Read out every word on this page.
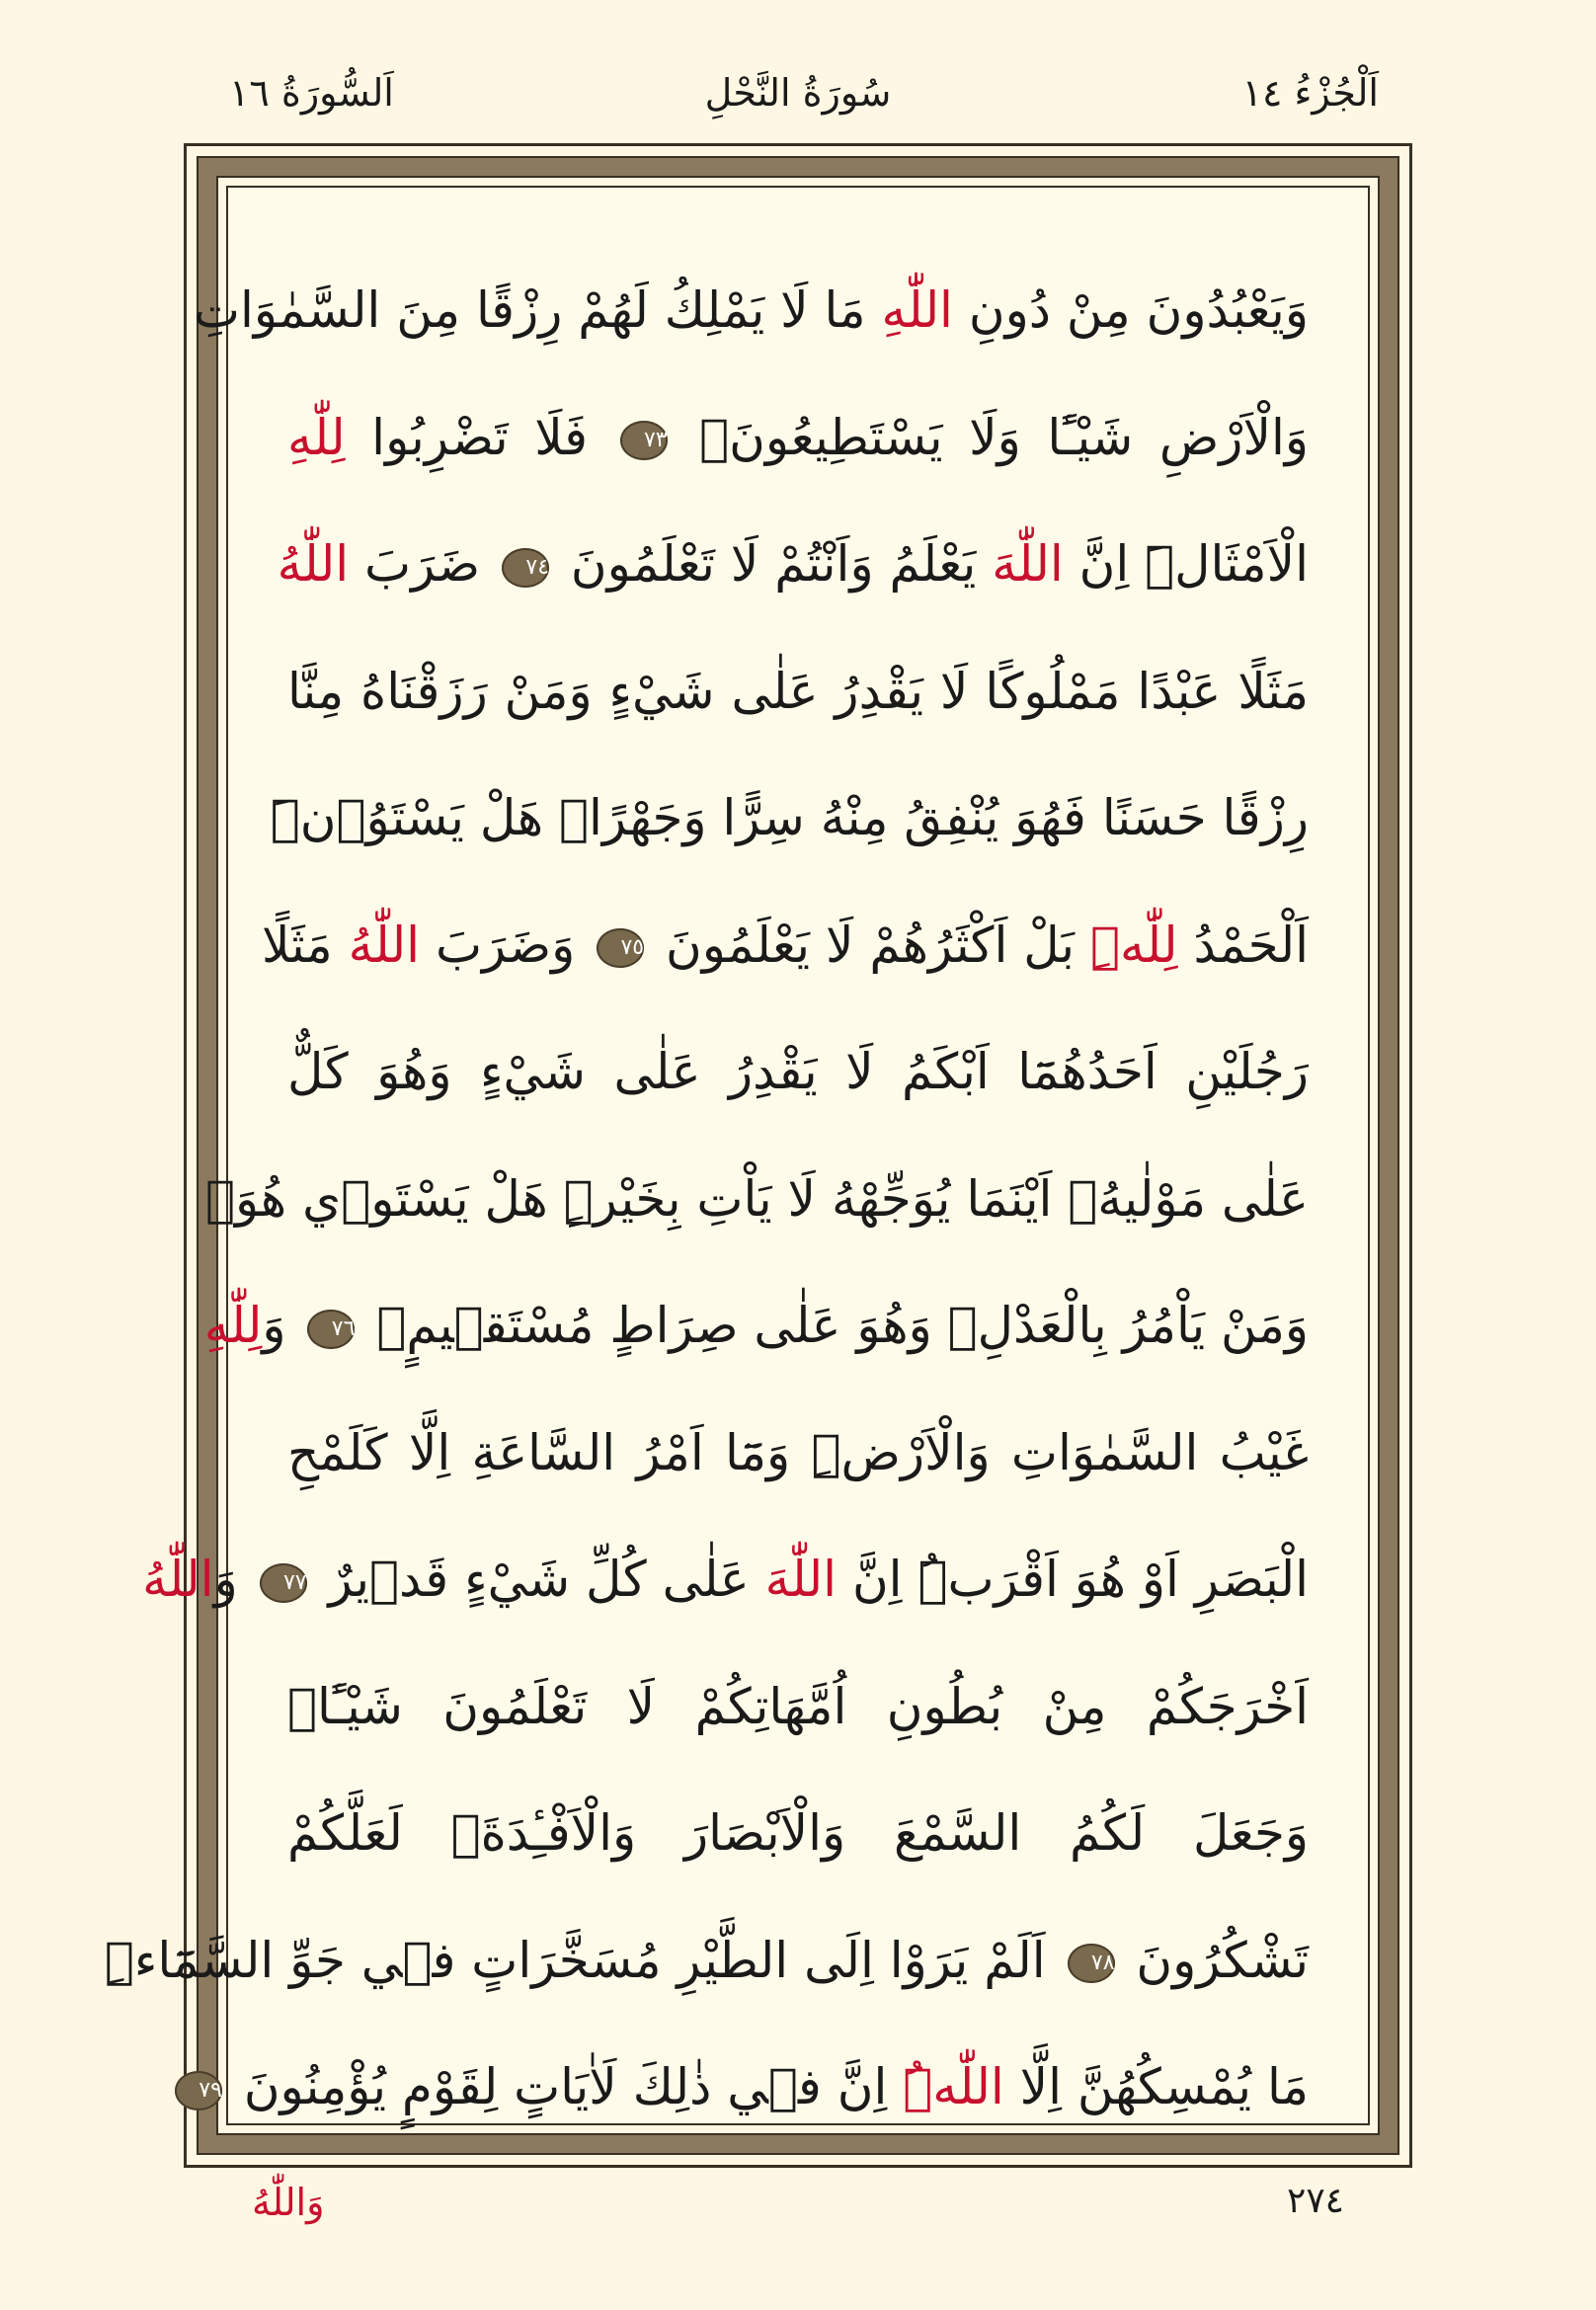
اَلْجُزْءُ ١٤
سُورَةُ النَّحْلِ
اَلسُّورَةُ ١٦
وَيَعْبُدُونَ مِنْ دُونِ اللّٰهِ مَا لَا يَمْلِكُ لَهُمْ رِزْقًا مِنَ السَّمٰوَاتِ
وَالْاَرْضِ شَيْـًٔا وَلَا يَسْتَطِيعُونَۚ ٧٣ فَلَا تَضْرِبُوا لِلّٰهِ
الْاَمْثَالَۜ اِنَّ اللّٰهَ يَعْلَمُ وَاَنْتُمْ لَا تَعْلَمُونَ ٧٤ ضَرَبَ اللّٰهُ
مَثَلًا عَبْدًا مَمْلُوكًا لَا يَقْدِرُ عَلٰى شَيْءٍ وَمَنْ رَزَقْنَاهُ مِنَّا
رِزْقًا حَسَنًا فَهُوَ يُنْفِقُ مِنْهُ سِرًّا وَجَهْرًاۜ هَلْ يَسْتَوُ۫نَۜ
اَلْحَمْدُ لِلّٰهِۜ بَلْ اَكْثَرُهُمْ لَا يَعْلَمُونَ ٧٥ وَضَرَبَ اللّٰهُ مَثَلًا
رَجُلَيْنِ اَحَدُهُمَٓا اَبْكَمُ لَا يَقْدِرُ عَلٰى شَيْءٍ وَهُوَ كَلٌّ
عَلٰى مَوْلٰيهُۙ اَيْنَمَا يُوَجِّهْهُ لَا يَاْتِ بِخَيْرٍۜ هَلْ يَسْتَو۪ي هُوَۙ
وَمَنْ يَاْمُرُ بِالْعَدْلِۙ وَهُوَ عَلٰى صِرَاطٍ مُسْتَق۪يمٍࣖ ٧٦ وَلِلّٰهِ
غَيْبُ السَّمٰوَاتِ وَالْاَرْضِۜ وَمَٓا اَمْرُ السَّاعَةِ اِلَّا كَلَمْحِ
الْبَصَرِ اَوْ هُوَ اَقْرَبُۜ اِنَّ اللّٰهَ عَلٰى كُلِّ شَيْءٍ قَد۪يرٌ ٧٧ وَاللّٰهُ
اَخْرَجَكُمْ مِنْ بُطُونِ اُمَّهَاتِكُمْ لَا تَعْلَمُونَ شَيْـًٔاۙ
وَجَعَلَ لَكُمُ السَّمْعَ وَالْاَبْصَارَ وَالْاَفْـِٔدَةَۙ لَعَلَّكُمْ
تَشْكُرُونَ ٧٨ اَلَمْ يَرَوْا اِلَى الطَّيْرِ مُسَخَّرَاتٍ ف۪ي جَوِّ السَّمَٓاءِۜ
مَا يُمْسِكُهُنَّ اِلَّا اللّٰهُۜ اِنَّ ف۪ي ذٰلِكَ لَاٰيَاتٍ لِقَوْمٍ يُؤْمِنُونَ ٧٩
وَاللّٰهُ	٢٧٤
